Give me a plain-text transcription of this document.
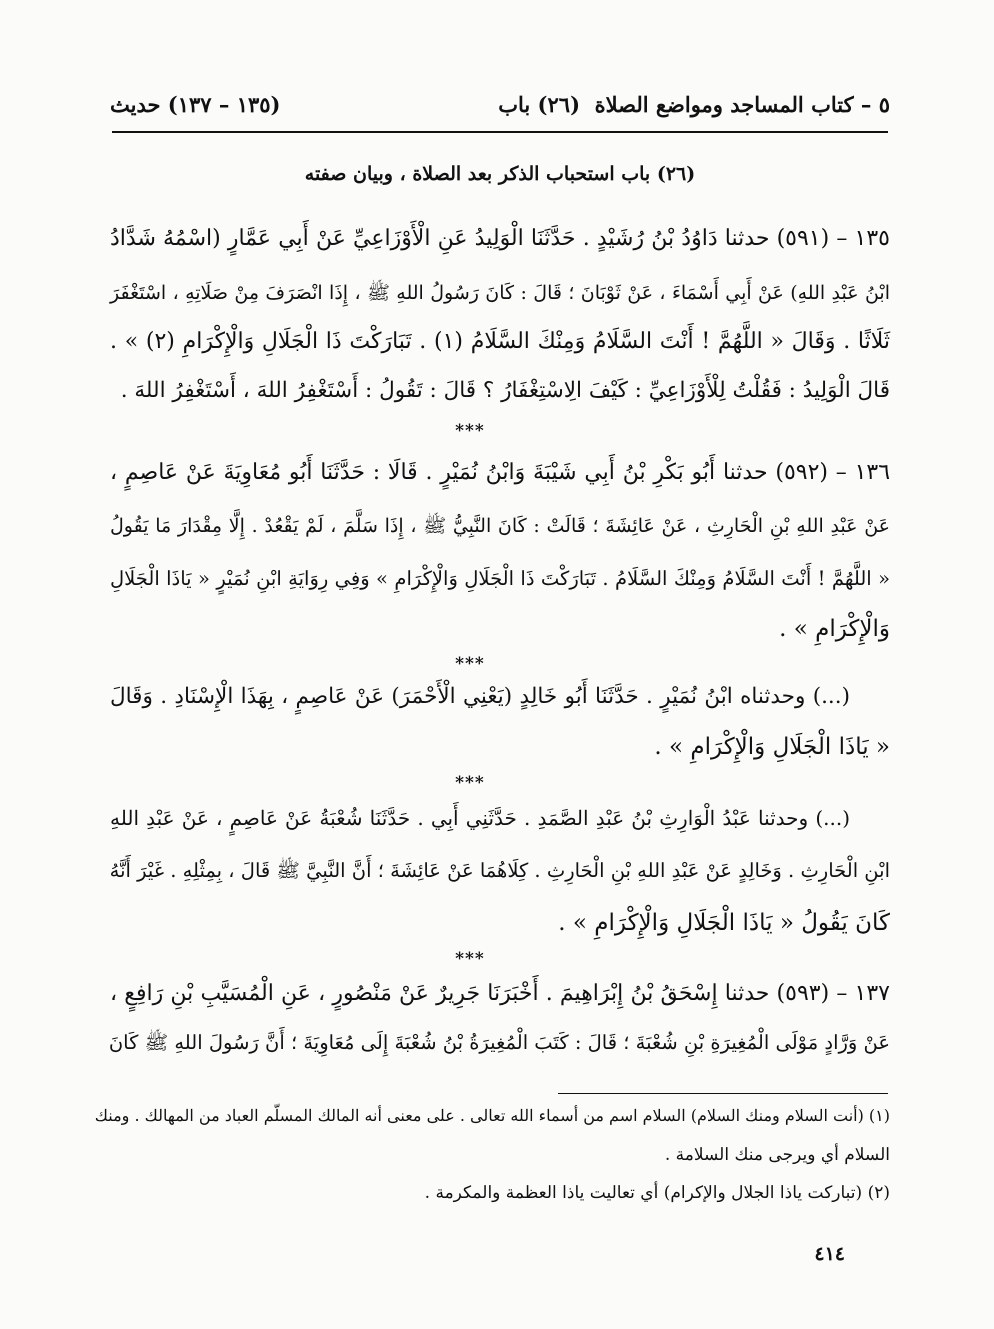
٥ – كتاب المساجد ومواضع الصلاة
(٢٦) باب
(١٣٥ – ١٣٧) حديث
(٢٦) باب استحباب الذكر بعد الصلاة ، وبيان صفته
١٣٥ – (٥٩١) حدثنا دَاوُدُ بْنُ رُشَيْدٍ . حَدَّثَنَا الْوَلِيدُ عَنِ الْأَوْزَاعِيِّ عَنْ أَبِي عَمَّارٍ (اسْمُهُ شَدَّادُ
ابْنُ عَبْدِ اللهِ) عَنْ أَبِي أَسْمَاءَ ، عَنْ ثَوْبَانَ ؛ قَالَ : كَانَ رَسُولُ اللهِ ﷺ ، إِذَا انْصَرَفَ مِنْ صَلَاتِهِ ، اسْتَغْفَرَ
ثَلَاثًا . وَقَالَ « اللَّهُمَّ ! أَنْتَ السَّلَامُ وَمِنْكَ السَّلَامُ (١) . تَبَارَكْتَ ذَا الْجَلَالِ وَالْإِكْرَامِ (٢) » .
قَالَ الْوَلِيدُ : فَقُلْتُ لِلْأَوْزَاعِيِّ : كَيْفَ الِاسْتِغْفَارُ ؟ قَالَ : تَقُولُ : أَسْتَغْفِرُ اللهَ ، أَسْتَغْفِرُ اللهَ .
***
١٣٦ – (٥٩٢) حدثنا أَبُو بَكْرِ بْنُ أَبِي شَيْبَةَ وَابْنُ نُمَيْرٍ . قَالَا : حَدَّثَنَا أَبُو مُعَاوِيَةَ عَنْ عَاصِمٍ ،
عَنْ عَبْدِ اللهِ بْنِ الْحَارِثِ ، عَنْ عَائِشَةَ ؛ قَالَتْ : كَانَ النَّبِيُّ ﷺ ، إِذَا سَلَّمَ ، لَمْ يَقْعُدْ . إِلَّا مِقْدَارَ مَا يَقُولُ
« اللَّهُمَّ ! أَنْتَ السَّلَامُ وَمِنْكَ السَّلَامُ . تَبَارَكْتَ ذَا الْجَلَالِ وَالْإِكْرَامِ » وَفِي رِوَايَةِ ابْنِ نُمَيْرٍ « يَاذَا الْجَلَالِ
وَالْإِكْرَامِ » .
***
(...) وحدثناه ابْنُ نُمَيْرٍ . حَدَّثَنَا أَبُو خَالِدٍ (يَعْنِي الْأَحْمَرَ) عَنْ عَاصِمٍ ، بِهَذَا الْإِسْنَادِ . وَقَالَ
« يَاذَا الْجَلَالِ وَالْإِكْرَامِ » .
***
(...) وحدثنا عَبْدُ الْوَارِثِ بْنُ عَبْدِ الصَّمَدِ . حَدَّثَنِي أَبِي . حَدَّثَنَا شُعْبَةُ عَنْ عَاصِمٍ ، عَنْ عَبْدِ اللهِ
ابْنِ الْحَارِثِ . وَخَالِدٍ عَنْ عَبْدِ اللهِ بْنِ الْحَارِثِ . كِلَاهُمَا عَنْ عَائِشَةَ ؛ أَنَّ النَّبِيَّ ﷺ قَالَ ، بِمِثْلِهِ . غَيْرَ أَنَّهُ
كَانَ يَقُولُ « يَاذَا الْجَلَالِ وَالْإِكْرَامِ » .
***
١٣٧ – (٥٩٣) حدثنا إِسْحَقُ بْنُ إِبْرَاهِيمَ . أَخْبَرَنَا جَرِيرٌ عَنْ مَنْصُورٍ ، عَنِ الْمُسَيَّبِ بْنِ رَافِعٍ ،
عَنْ وَرَّادٍ مَوْلَى الْمُغِيرَةِ بْنِ شُعْبَةَ ؛ قَالَ : كَتَبَ الْمُغِيرَةُ بْنُ شُعْبَةَ إِلَى مُعَاوِيَةَ ؛ أَنَّ رَسُولَ اللهِ ﷺ كَانَ
(١) (أنت السلام ومنك السلام) السلام اسم من أسماء الله تعالى . على معنى أنه المالك المسلّم العباد من المهالك . ومنك
السلام أي ويرجى منك السلامة .
(٢) (تباركت ياذا الجلال والإكرام) أي تعاليت ياذا العظمة والمكرمة .
٤١٤
